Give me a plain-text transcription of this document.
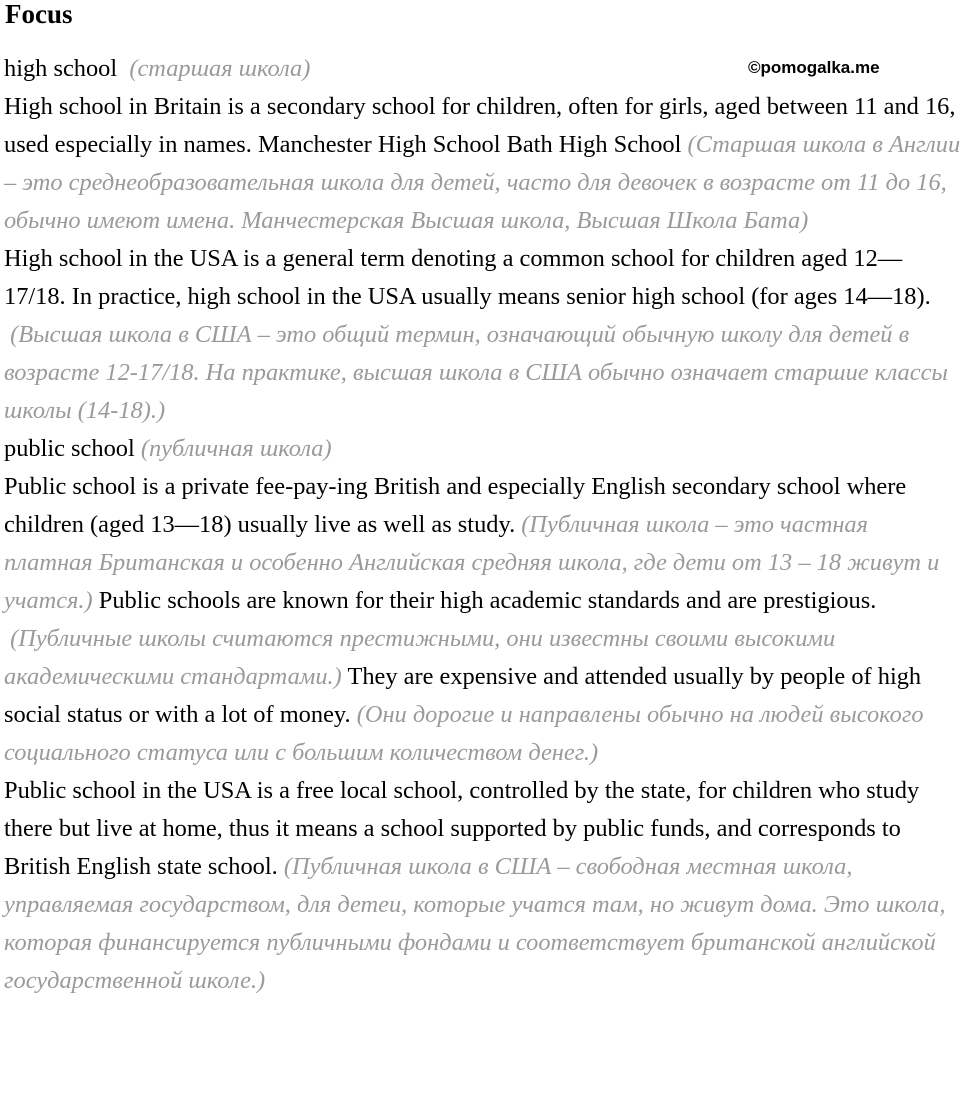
Focus
©pomogalka.me

high school (старшая школа)

High school in Britain is a secondary school for children, often for girls, aged between 11 and 16, used especially in names. Manchester High School Bath High School (Старшая школа в Англии – это среднеобразовательная школа для детей, часто для девочек в возрасте от 11 до 16, обычно имеют имена. Манчестерская Высшая школа, Высшая Школа Бата)

High school in the USA is a general term denoting a common school for children aged 12— 17/18. In practice, high school in the USA usually means senior high school (for ages 14—18). (Высшая школа в США – это общий термин, означающий обычную школу для детей в возрасте 12-17/18. На практике, высшая школа в США обычно означает старшие классы школы (14-18).)

public school (публичная школа)

Public school is a private fee-pay-ing British and especially English secondary school where children (aged 13—18) usually live as well as study. (Публичная школа – это частная платная Британская и особенно Английская средняя школа, где дети от 13 – 18 живут и учатся.) Public schools are known for their high academic standards and are prestigious. (Публичные школы считаются престижными, они известны своими высокими академическими стандартами.) They are expensive and attended usually by people of high social status or with a lot of money. (Они дорогие и направлены обычно на людей высокого социального статуса или с большим количеством денег.)

Public school in the USA is a free local school, controlled by the state, for children who study there but live at home, thus it means a school supported by public funds, and corresponds to British English state school. (Публичная школа в США – свободная местная школа, управляемая государством, для детеи, которые учатся там, но живут дома. Это школа, которая финансируется публичными фондами и соответствует британской английской государственной школе.)
